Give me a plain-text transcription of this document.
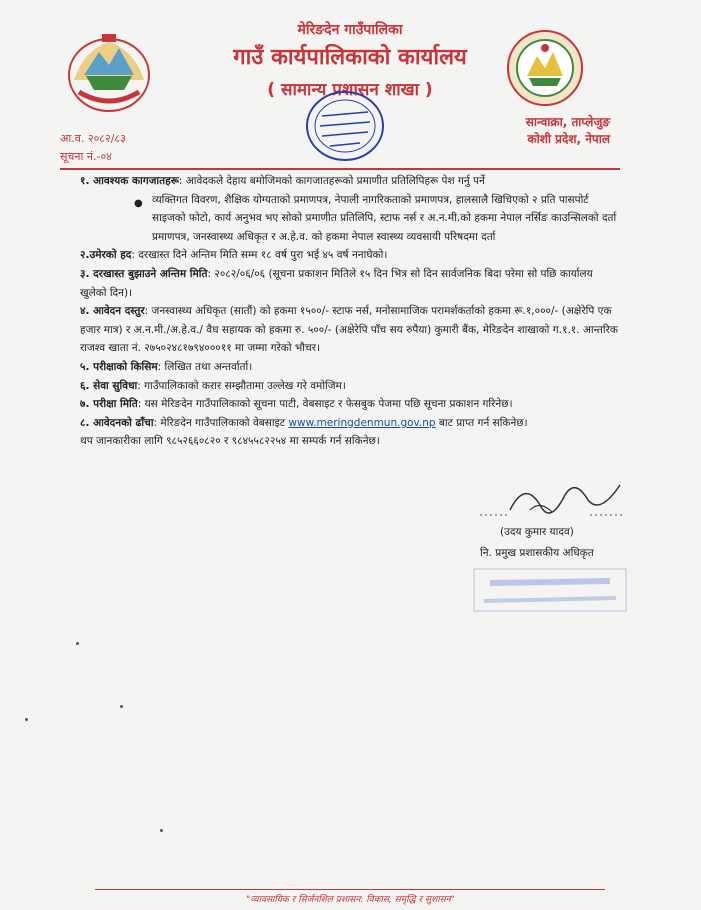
मेरिङदेन गाउँपालिका
गाउँ कार्यपालिकाको कार्यालय
( सामान्य प्रशासन शाखा )
सान्वाक्रा, ताप्लेजुङ
कोशी प्रदेश, नेपाल
आ.व. २०८२/८३
सूचना नं.-०४

१. आवश्यक कागजातहरू: आवेदकले देहाय बमोजिमको कागजातहरूको प्रमाणीत प्रतिलिपिहरू पेश गर्नु पर्ने

● व्यक्तिगत विवरण, शैक्षिक योग्यताको प्रमाणपत्र, नेपाली नागरिकताको प्रमाणपत्र, हालसालै खिचिएको २ प्रति पासपोर्ट साइजको फोटो, कार्य अनुभव भए सोको प्रमाणीत प्रतिलिपि, स्टाफ नर्स र अ.न.मी.को हकमा नेपाल नर्सिङ काउन्सिलको दर्ता प्रमाणपत्र, जनस्वास्थ्य अधिकृत र अ.हे.व. को हकमा नेपाल स्वास्थ्य व्यवसायी परिषदमा दर्ता

२.उमेरको हद: दरखास्त दिने अन्तिम मिति सम्म १८ वर्ष पुरा भई ४५ वर्ष ननाघेको।

३. दरखास्त बुझाउने अन्तिम मिति: २०८२/०६/०६ (सूचना प्रकाशन मितिले १५ दिन भित्र सो दिन सार्वजनिक बिदा परेमा सो पछि कार्यालय खुलेको दिन)।

४. आवेदन दस्तुर: जनस्वास्थ्य अधिकृत (सातौं) को हकमा १५००/- स्टाफ नर्स, मनोसामाजिक परामर्शकर्ताको हकमा रू.१,०००/- (अक्षेरेपि एक हजार मात्र) र अ.न.मी./अ.हे.व./ वैध सहायक को हकमा रु. ५००/- (अक्षेरेपि पाँच सय रुपैया) कुमारी बैंक, मेरिङदेन शाखाको ग.१.१. आन्तरिक राजश्व खाता नं. २७५०२४८१७९४०००११ मा जम्मा गरेको भौचर।

५. परीक्षाको किसिम: लिखित तथा अन्तर्वार्ता।

६. सेवा सुविधा: गाउँपालिकाको करार सम्झौतामा उल्लेख गरे वमोजिम।

७. परीक्षा मिति: यस मेरिङदेन गाउँपालिकाको सूचना पाटी, वेबसाइट र फेसबुक पेजमा पछि सूचना प्रकाशन गरिनेछ।

८. आवेदनको ढाँचा: मेरिङदेन गाउँपालिकाको वेबसाइट www.meringdenmun.gov.np बाट प्राप्त गर्न सकिनेछ।

थप जानकारीका लागि ९८५२६६०८२० र ९८४५५८२२५४ मा सम्पर्क गर्न सकिनेछ।

(उदय कुमार यादव)
नि. प्रमुख प्रशासकीय अधिकृत
"व्यावसायिक र सिर्जनशिल प्रशासन: विकास, समृद्धि र सुशासन"
